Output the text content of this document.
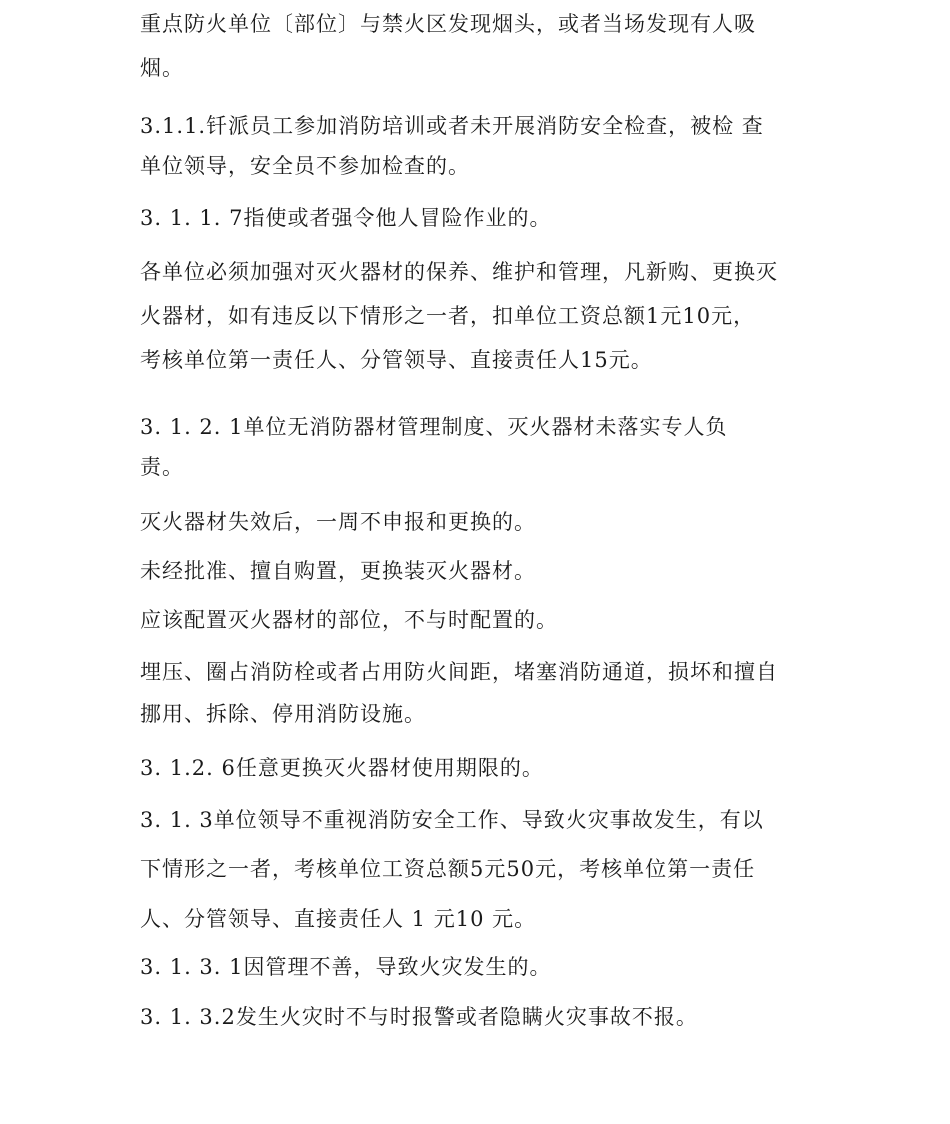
重点防火单位〔部位〕与禁火区发现烟头，或者当场发现有人吸
烟。
3.1.1.钎派员工参加消防培训或者未开展消防安全检查，被检 查
单位领导，安全员不参加检查的。
3. 1. 1. 7指使或者强令他人冒险作业的。
各单位必须加强对灭火器材的保养、维护和管理，凡新购、更换灭
火器材，如有违反以下情形之一者，扣单位工资总额1元10元，
考核单位第一责任人、分管领导、直接责任人15元。
3. 1. 2. 1单位无消防器材管理制度、灭火器材未落实专人负
责。
灭火器材失效后，一周不申报和更换的。
未经批准、擅自购置，更换装灭火器材。
应该配置灭火器材的部位，不与时配置的。
埋压、圈占消防栓或者占用防火间距，堵塞消防通道，损坏和擅自
挪用、拆除、停用消防设施。
3. 1.2. 6任意更换灭火器材使用期限的。
3. 1. 3单位领导不重视消防安全工作、导致火灾事故发生，有以
下情形之一者，考核单位工资总额5元50元，考核单位第一责任
人、分管领导、直接责任人 1 元10 元。
3. 1. 3. 1因管理不善，导致火灾发生的。
3. 1. 3.2发生火灾时不与时报警或者隐瞒火灾事故不报。
